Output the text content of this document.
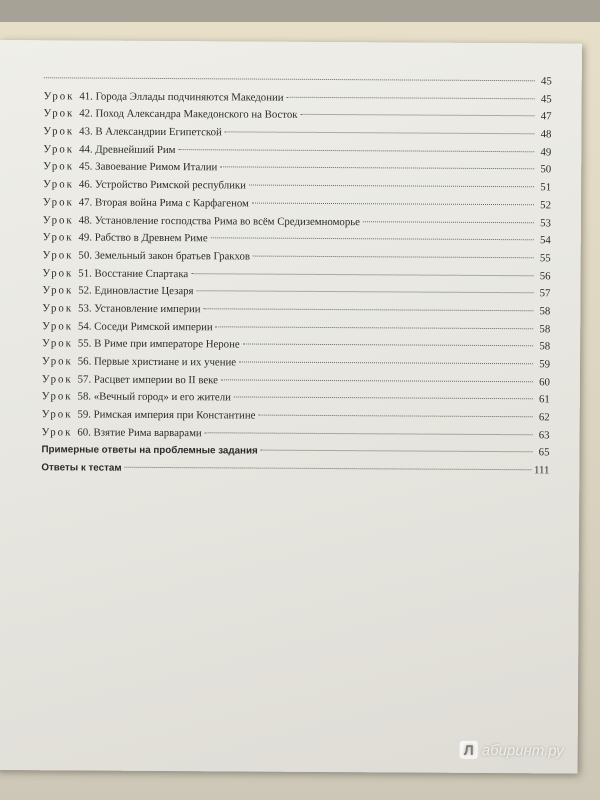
45
Урок 41. Города Эллады подчиняются Македонии	45
Урок 42. Поход Александра Македонского на Восток	47
Урок 43. В Александрии Египетской	48
Урок 44. Древнейший Рим	49
Урок 45. Завоевание Римом Италии	50
Урок 46. Устройство Римской республики	51
Урок 47. Вторая война Рима с Карфагеном	52
Урок 48. Установление господства Рима во всём Средиземноморье	53
Урок 49. Рабство в Древнем Риме	54
Урок 50. Земельный закон братьев Гракхов	55
Урок 51. Восстание Спартака	56
Урок 52. Единовластие Цезаря	57
Урок 53. Установление империи	58
Урок 54. Соседи Римской империи	58
Урок 55. В Риме при императоре Нероне	58
Урок 56. Первые христиане и их учение	59
Урок 57. Расцвет империи во II веке	60
Урок 58. «Вечный город» и его жители	61
Урок 59. Римская империя при Константине	62
Урок 60. Взятие Рима варварами	63
Примерные ответы на проблемные задания	65
Ответы к тестам	111
Л абиринт.ру
